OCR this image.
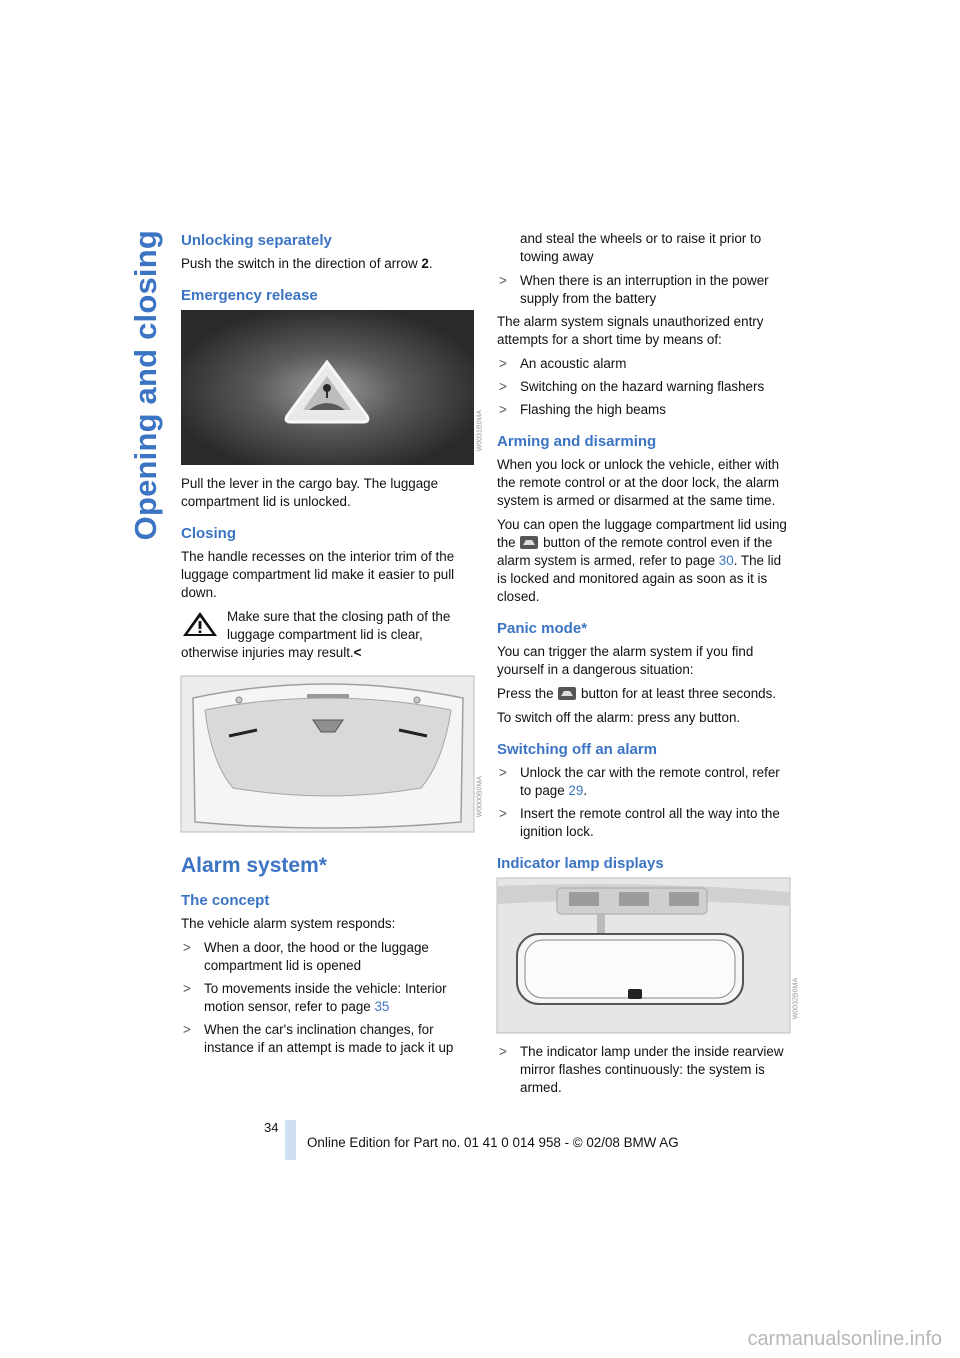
Opening and closing Unlocking separately

Push the switch in the direction of arrow 2.

Emergency release
W0031B0MA

Pull the lever in the cargo bay. The luggage compartment lid is unlocked.

Closing

The handle recesses on the interior trim of the luggage compartment lid make it easier to pull down.

Make sure that the closing path of the luggage compartment lid is clear, otherwise injuries may result.<

W0000B0MA
Alarm system*
The concept

The vehicle alarm system responds:

> When a door, the hood or the luggage compartment lid is opened
> To movements inside the vehicle: Interior motion sensor, refer to page 35
> When the car's inclination changes, for instance if an attempt is made to jack it up

and steal the wheels or to raise it prior to towing away

> When there is an interruption in the power supply from the battery

The alarm system signals unauthorized entry attempts for a short time by means of:

> An acoustic alarm
> Switching on the hazard warning flashers
> Flashing the high beams
Arming and disarming

When you lock or unlock the vehicle, either with the remote control or at the door lock, the alarm system is armed or disarmed at the same time.

You can open the luggage compartment lid using the  button of the remote control even if the alarm system is armed, refer to page 30. The lid is locked and monitored again as soon as it is closed.

Panic mode*

You can trigger the alarm system if you find yourself in a dangerous situation:

Press the  button for at least three seconds.

To switch off the alarm: press any button.

Switching off an alarm
> Unlock the car with the remote control, refer to page 29.
> Insert the remote control all the way into the ignition lock.
Indicator lamp displays
W0032B0MA
> The indicator lamp under the inside rearview mirror flashes continuously: the system is armed.
34
Online Edition for Part no. 01 41 0 014 958 - © 02/08 BMW AG
carmanualsonline.info
